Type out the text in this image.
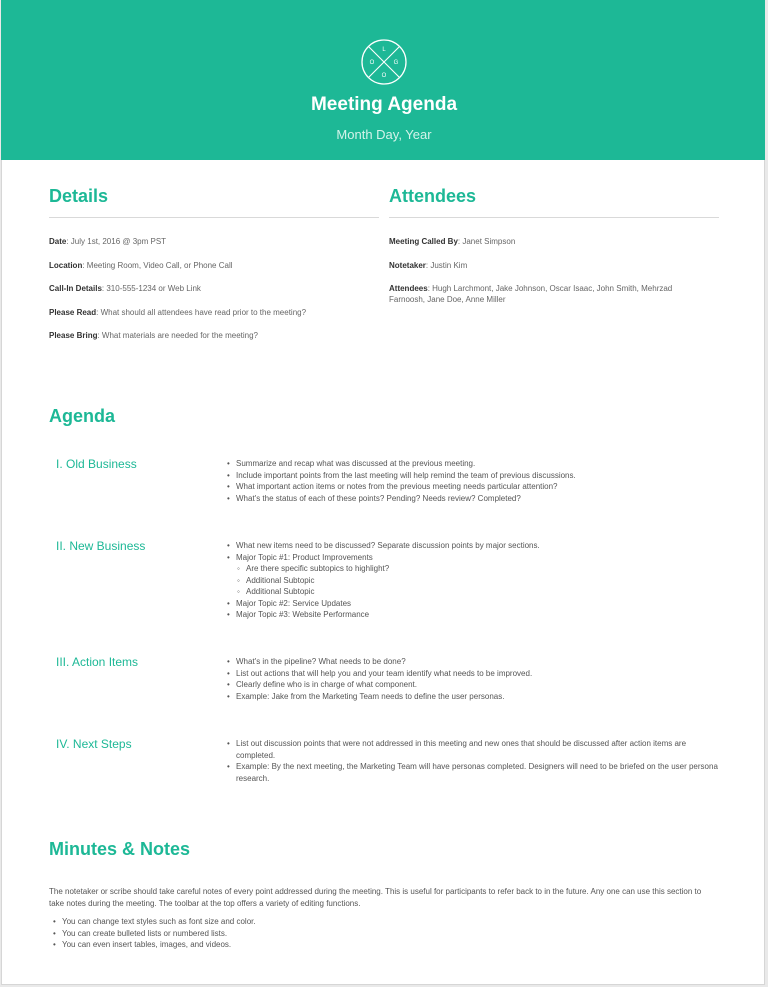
L
O	G
O
Meeting Agenda
Month Day, Year
Details
Date: July 1st, 2016 @ 3pm PST
Location: Meeting Room, Video Call, or Phone Call
Call-In Details: 310-555-1234 or Web Link
Please Read: What should all attendees have read prior to the meeting?
Please Bring: What materials are needed for the meeting?
Attendees
Meeting Called By: Janet Simpson
Notetaker: Justin Kim
Attendees: Hugh Larchmont, Jake Johnson, Oscar Isaac, John Smith, Mehrzad Farnoosh, Jane Doe, Anne Miller
Agenda
I. Old Business	• Summarize and recap what was discussed at the previous meeting.
• Include important points from the last meeting will help remind the team of previous discussions.
• What important action items or notes from the previous meeting needs particular attention?
• What's the status of each of these points? Pending? Needs review? Completed?
II. New Business	• What new items need to be discussed? Separate discussion points by major sections.
• Major Topic #1: Product Improvements
◦ Are there specific subtopics to highlight?
◦ Additional Subtopic
◦ Additional Subtopic
• Major Topic #2: Service Updates
• Major Topic #3: Website Performance
III. Action Items	• What's in the pipeline? What needs to be done?
• List out actions that will help you and your team identify what needs to be improved.
• Clearly define who is in charge of what component.
• Example: Jake from the Marketing Team needs to define the user personas.
IV. Next Steps	• List out discussion points that were not addressed in this meeting and new ones that should be discussed after action items are completed.
• Example: By the next meeting, the Marketing Team will have personas completed. Designers will need to be briefed on the user persona research.
Minutes & Notes
The notetaker or scribe should take careful notes of every point addressed during the meeting. This is useful for participants to refer back to in the future. Any one can use this section to take notes during the meeting. The toolbar at the top offers a variety of editing functions.
• You can change text styles such as font size and color.
• You can create bulleted lists or numbered lists.
• You can even insert tables, images, and videos.
